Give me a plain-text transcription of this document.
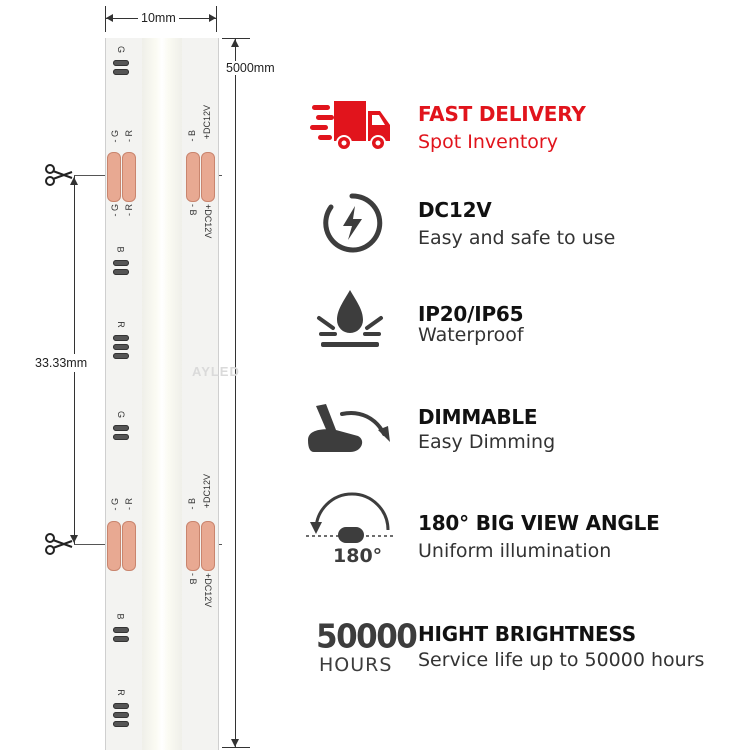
10mm
5000mm
33.33mm
AYLED
G
B
R
G
B
R
- R
- G
- R
- G
+DC12V
- B
+DC12V
- B
- R
- G	+DC12V
- B
+DC12V
- B
FAST DELIVERY
Spot Inventory
DC12V
Easy and safe to use
IP20/IP65
Waterproof
DIMMABLE
Easy Dimming
180°
180° BIG VIEW ANGLE
Uniform illumination
50000
HOURS
HIGHT BRIGHTNESS
Service life up to 50000 hours
